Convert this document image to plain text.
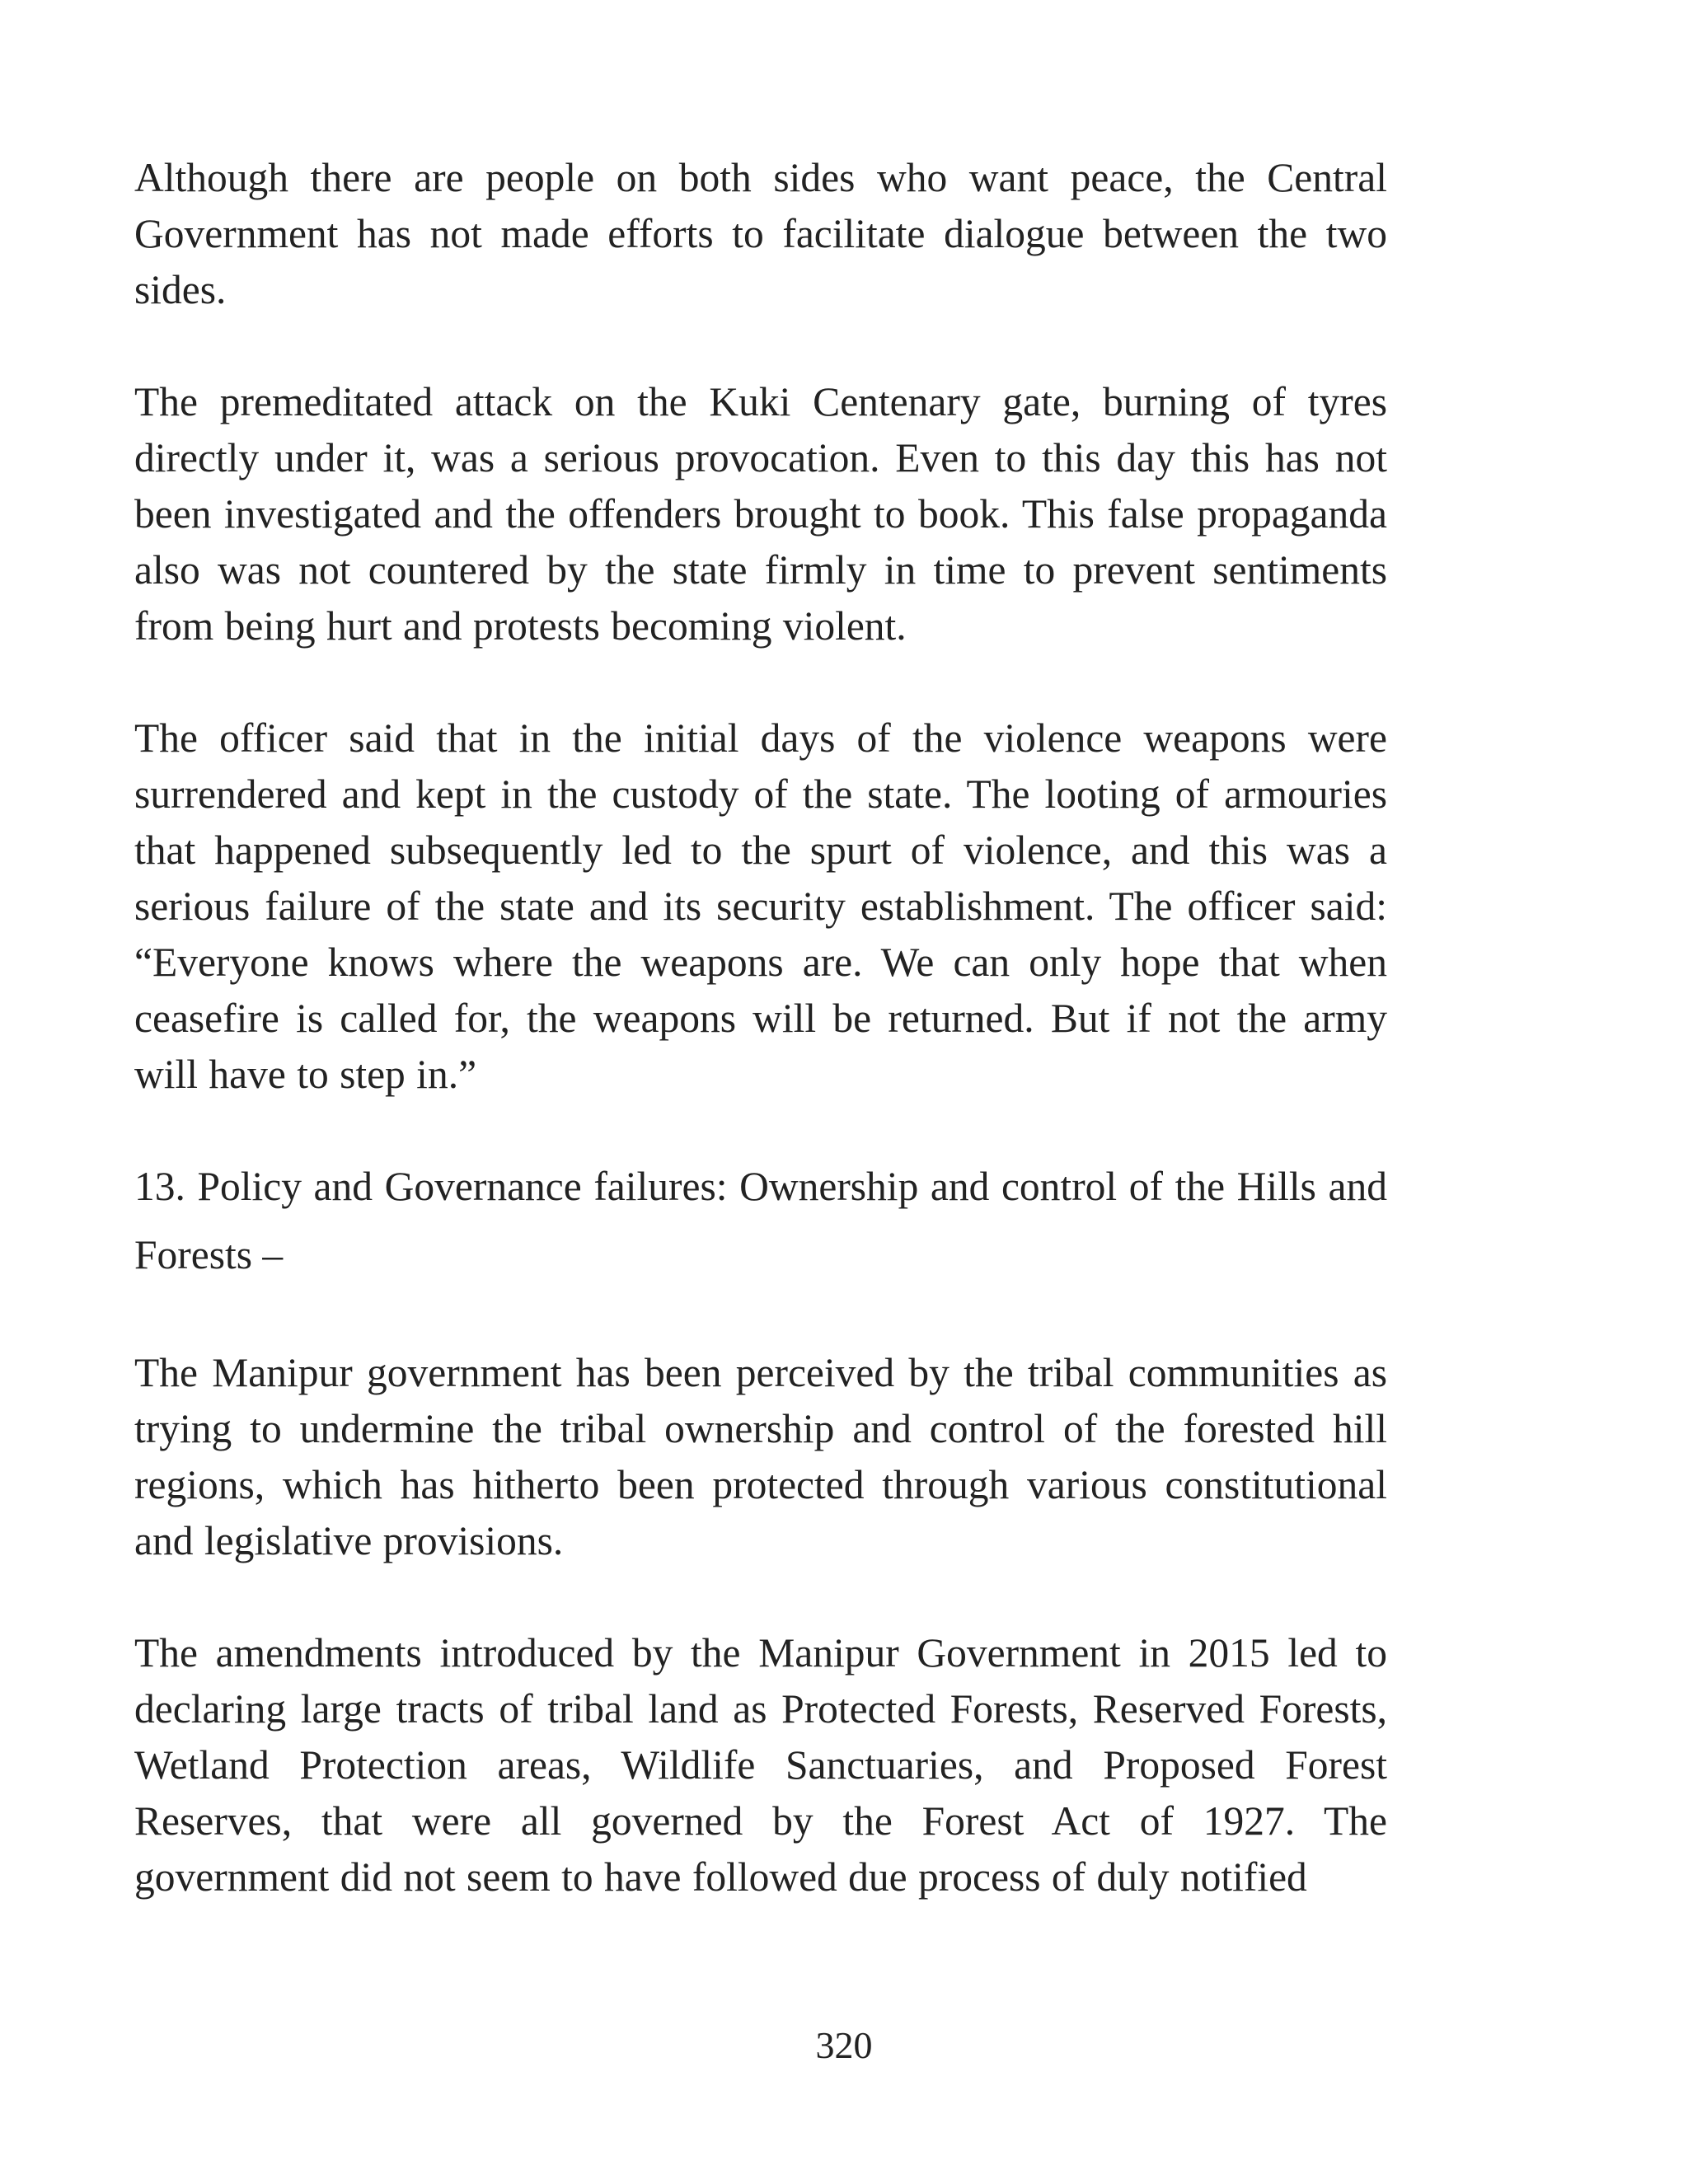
Although there are people on both sides who want peace, the Central Government has not made efforts to facilitate dialogue between the two sides.

The premeditated attack on the Kuki Centenary gate, burning of tyres directly under it, was a serious provocation. Even to this day this has not been investigated and the offenders brought to book. This false propaganda also was not countered by the state firmly in time to prevent sentiments from being hurt and protests becoming violent.

The officer said that in the initial days of the violence weapons were surrendered and kept in the custody of the state. The looting of armouries that happened subsequently led to the spurt of violence, and this was a serious failure of the state and its security establishment. The officer said: “Everyone knows where the weapons are. We can only hope that when ceasefire is called for, the weapons will be returned. But if not the army will have to step in.”

13. Policy and Governance failures: Ownership and control of the Hills and Forests –

The Manipur government has been perceived by the tribal communities as trying to undermine the tribal ownership and control of the forested hill regions, which has hitherto been protected through various constitutional and legislative provisions.

The amendments introduced by the Manipur Government in 2015 led to declaring large tracts of tribal land as Protected Forests, Reserved Forests, Wetland Protection areas, Wildlife Sanctuaries, and Proposed Forest Reserves, that were all governed by the Forest Act of 1927. The government did not seem to have followed due process of duly notified

320
